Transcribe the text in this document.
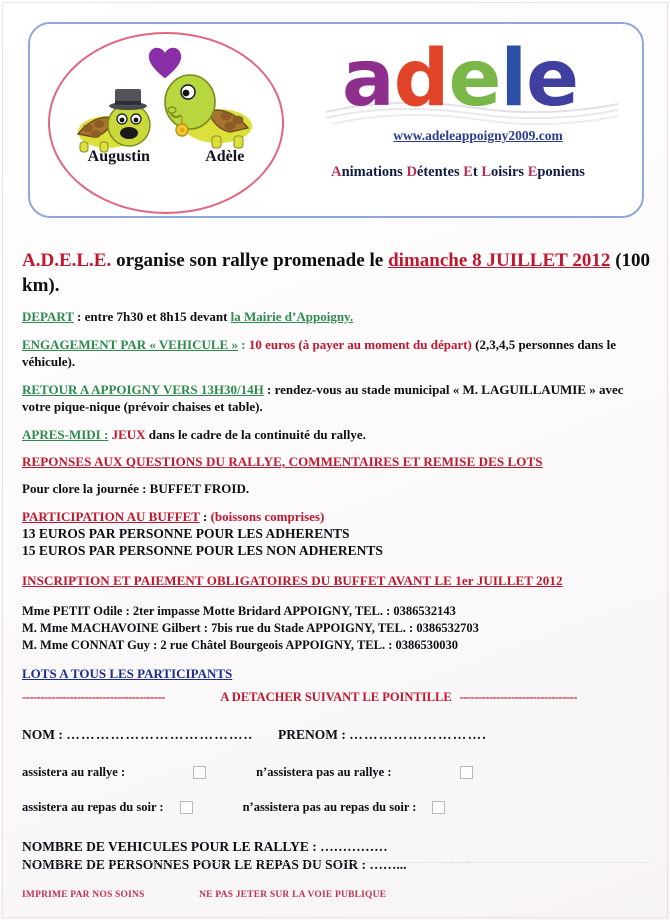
Augustin	Adèle
adele
www.adeleappoigny2009.com
Animations Détentes Et Loisirs Eponiens
A.D.E.L.E. organise son rallye promenade le dimanche 8 JUILLET 2012 (100 km).
DEPART : entre 7h30 et 8h15 devant la Mairie d’Appoigny.
ENGAGEMENT PAR « VEHICULE » : 10 euros (à payer au moment du départ) (2,3,4,5 personnes dans le véhicule).
RETOUR A APPOIGNY VERS 13H30/14H : rendez-vous au stade municipal « M. LAGUILLAUMIE » avec votre pique-nique (prévoir chaises et table).
APRES-MIDI : JEUX dans le cadre de la continuité du rallye.
REPONSES AUX QUESTIONS DU RALLYE, COMMENTAIRES ET REMISE DES LOTS
Pour clore la journée : BUFFET FROID.
PARTICIPATION AU BUFFET : (boissons comprises)
13 EUROS PAR PERSONNE POUR LES ADHERENTS
15 EUROS PAR PERSONNE POUR LES NON ADHERENTS
INSCRIPTION ET PAIEMENT OBLIGATOIRES DU BUFFET AVANT LE 1er JUILLET 2012
Mme PETIT Odile : 2ter impasse Motte Bridard APPOIGNY, TEL. : 0386532143
M. Mme MACHAVOINE Gilbert : 7bis rue du Stade APPOIGNY, TEL. : 0386532703
M. Mme CONNAT Guy : 2 rue Châtel Bourgeois APPOIGNY, TEL. : 0386530030
LOTS A TOUS LES PARTICIPANTS
---------------------------------------	A DETACHER SUIVANT LE POINTILLE --------------------------------
NOM : ……………………………….. PRENOM : ……………………….
assistera au rallye :	n’assistera pas au rallye :
assistera au repas du soir :	n’assistera pas au repas du soir :
NOMBRE DE VEHICULES POUR LE RALLYE : ……………
NOMBRE DE PERSONNES POUR LE REPAS DU SOIR : ……...
IMPRIME PAR NOS SOINS	NE PAS JETER SUR LA VOIE PUBLIQUE
